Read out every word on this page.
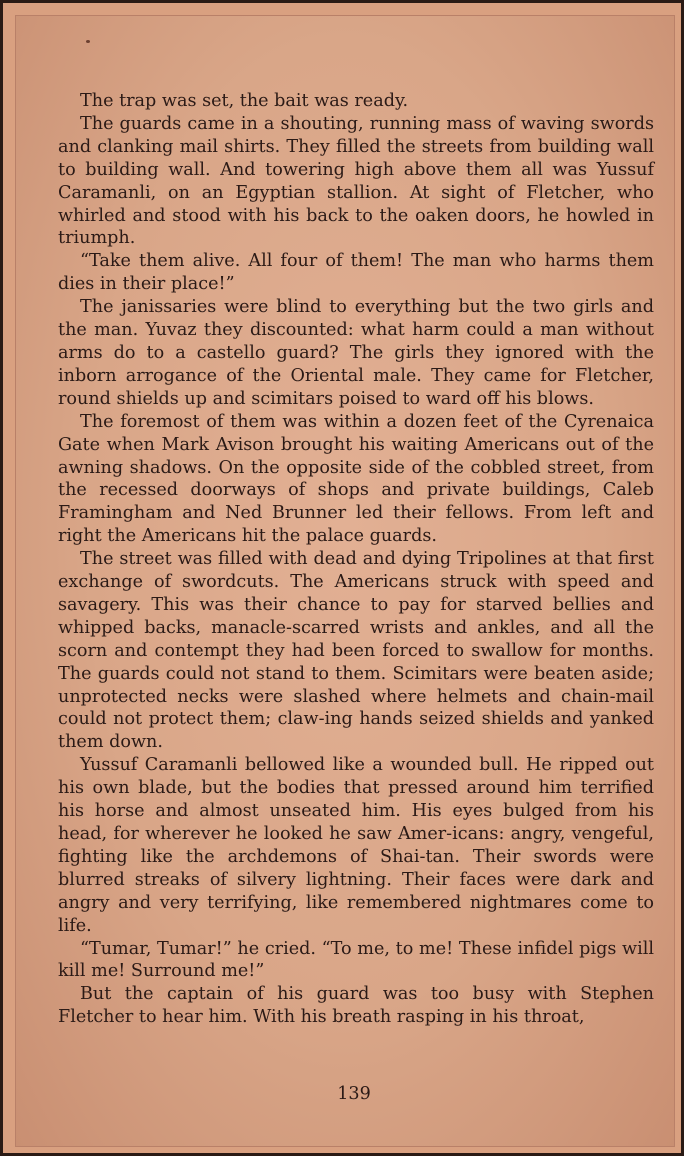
The trap was set, the bait was ready.

The guards came in a shouting, running mass of waving swords and clanking mail shirts. They filled the streets from building wall to building wall. And towering high above them all was Yussuf Caramanli, on an Egyptian stallion. At sight of Fletcher, who whirled and stood with his back to the oaken doors, he howled in triumph.

“Take them alive. All four of them! The man who harms them dies in their place!”

The janissaries were blind to everything but the two girls and the man. Yuvaz they discounted: what harm could a man without arms do to a castello guard? The girls they ignored with the inborn arrogance of the Oriental male. They came for Fletcher, round shields up and scimitars poised to ward off his blows.

The foremost of them was within a dozen feet of the Cyrenaica Gate when Mark Avison brought his waiting Americans out of the awning shadows. On the opposite side of the cobbled street, from the recessed doorways of shops and private buildings, Caleb Framingham and Ned Brunner led their fellows. From left and right the Americans hit the palace guards.

The street was filled with dead and dying Tripolines at that first exchange of swordcuts. The Americans struck with speed and savagery. This was their chance to pay for starved bellies and whipped backs, manacle-scarred wrists and ankles, and all the scorn and contempt they had been forced to swallow for months. The guards could not stand to them. Scimitars were beaten aside; unprotected necks were slashed where helmets and chain-mail could not protect them; claw-ing hands seized shields and yanked them down.

Yussuf Caramanli bellowed like a wounded bull. He ripped out his own blade, but the bodies that pressed around him terrified his horse and almost unseated him. His eyes bulged from his head, for wherever he looked he saw Amer-icans: angry, vengeful, fighting like the archdemons of Shai-tan. Their swords were blurred streaks of silvery lightning. Their faces were dark and angry and very terrifying, like remembered nightmares come to life.

“Tumar, Tumar!” he cried. “To me, to me! These infidel pigs will kill me! Surround me!”

But the captain of his guard was too busy with Stephen Fletcher to hear him. With his breath rasping in his throat,

139
